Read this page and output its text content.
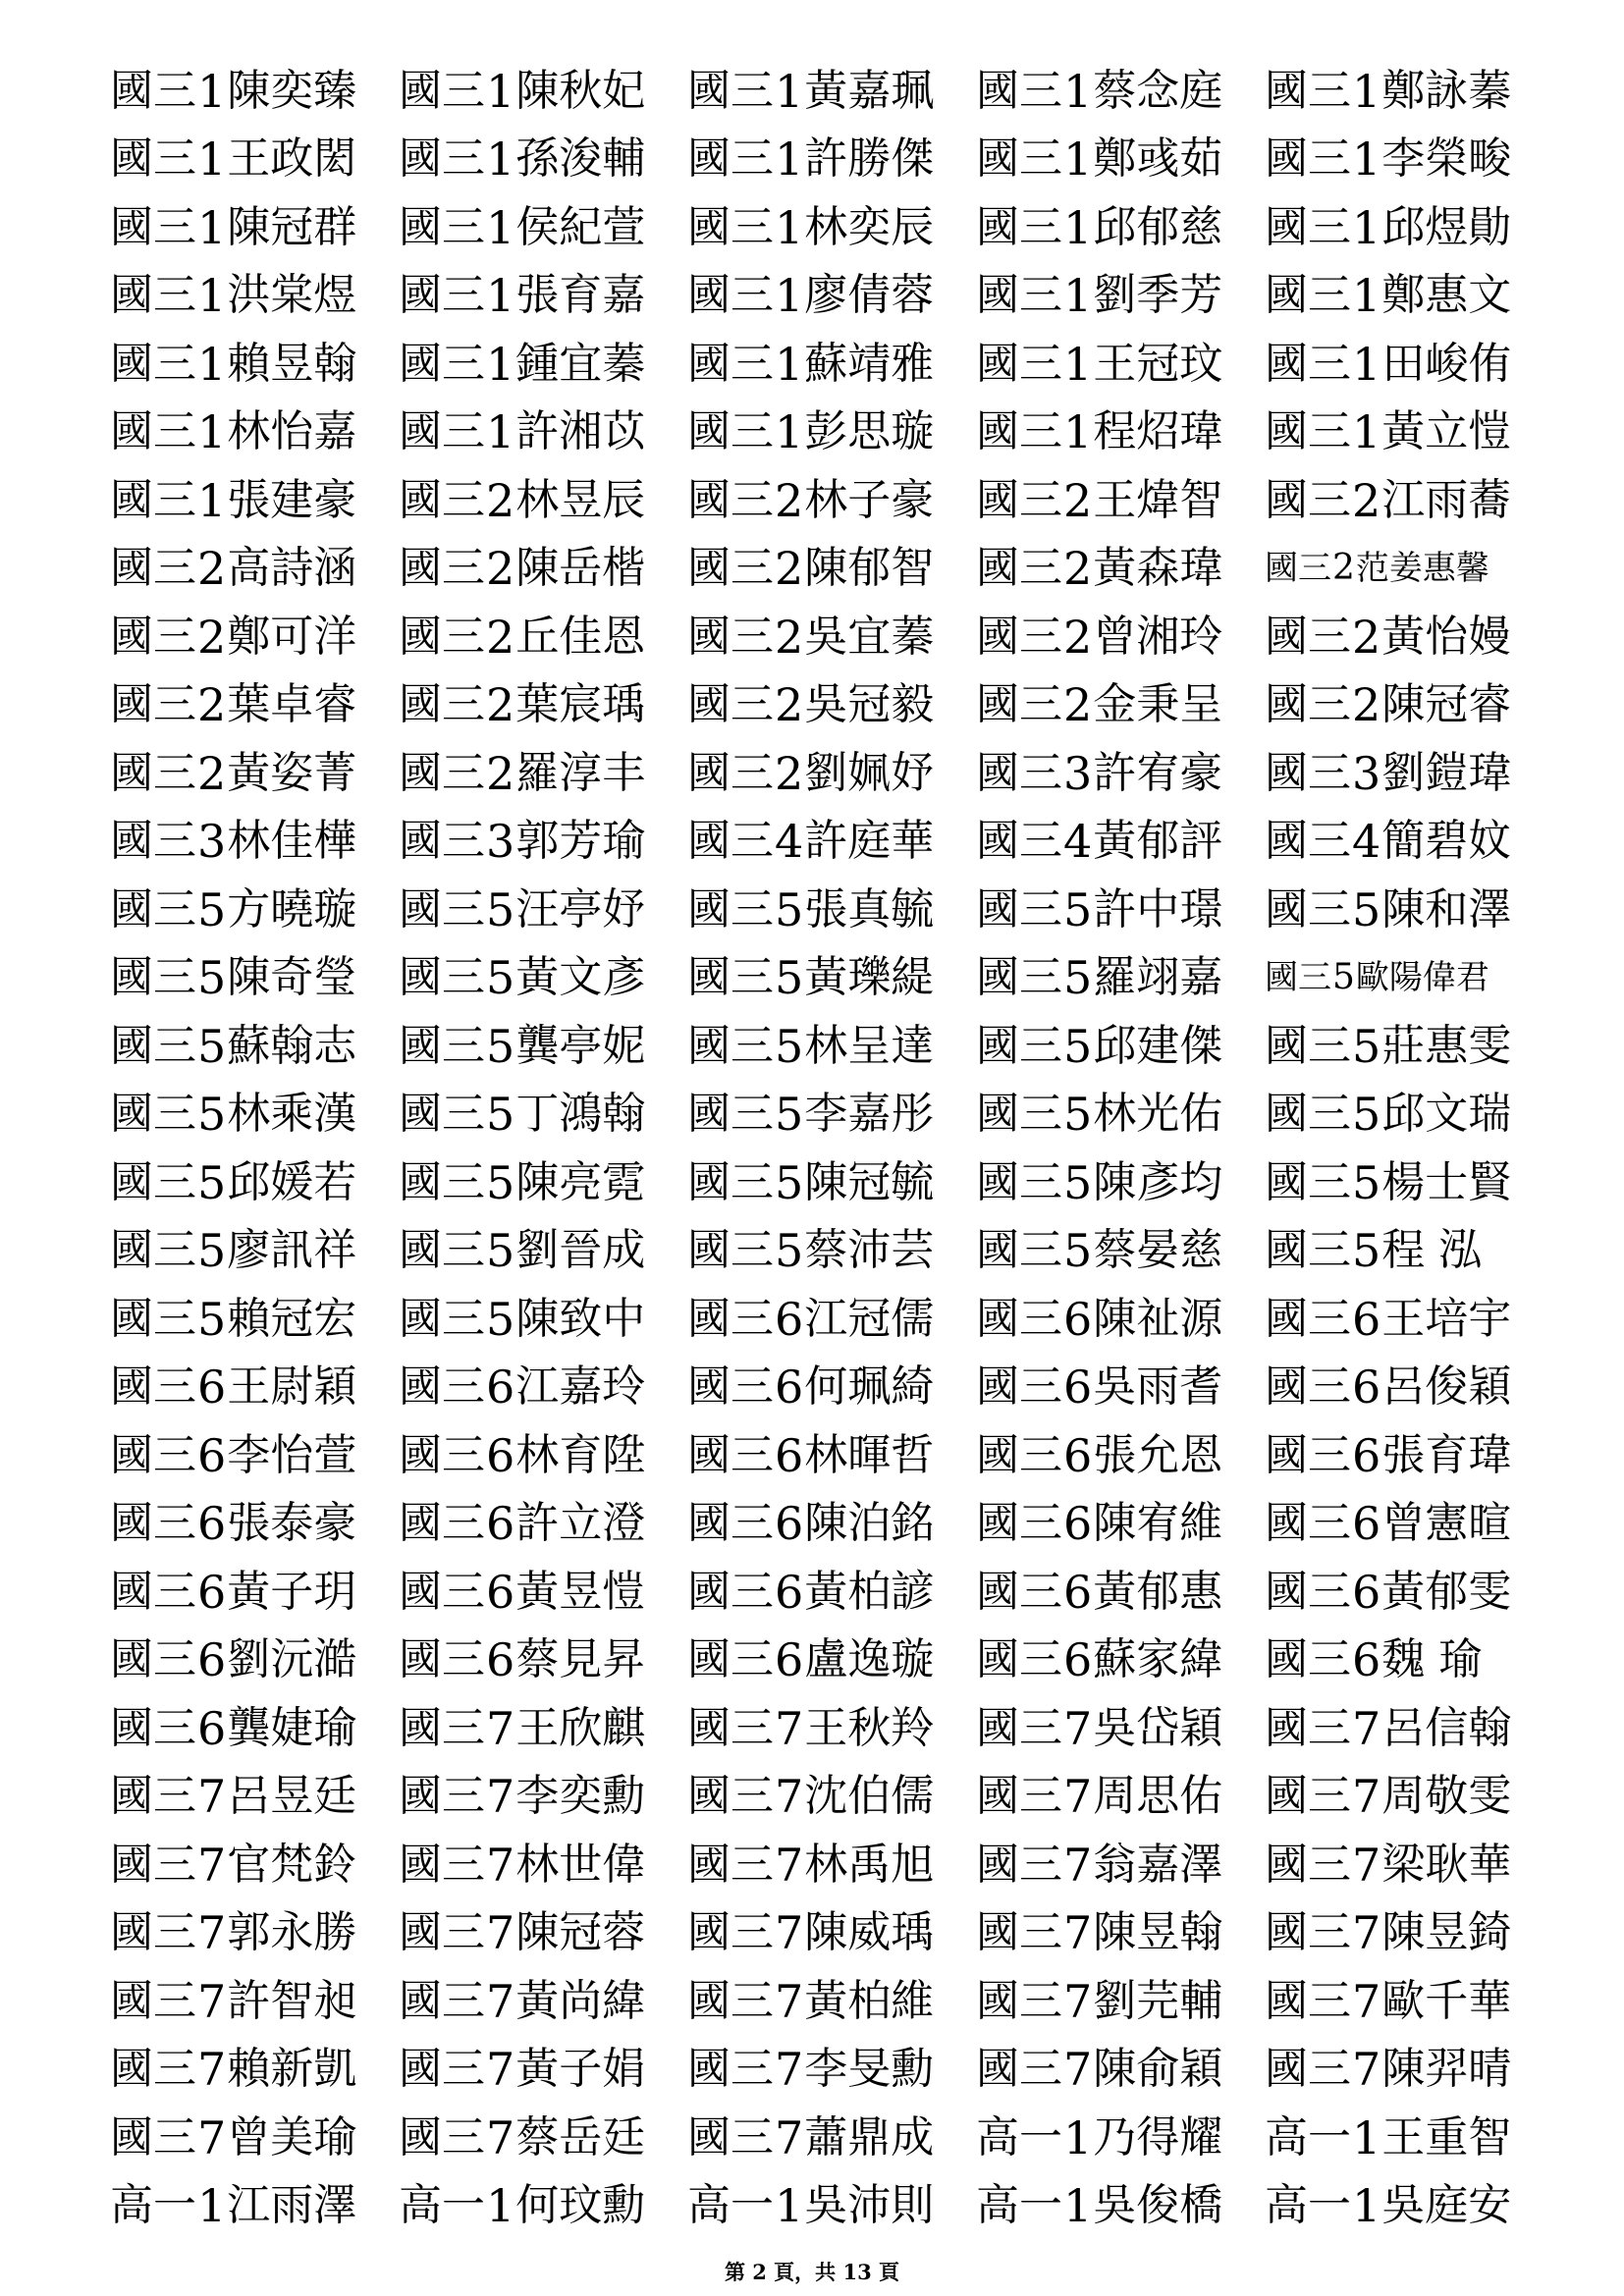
國三 1 陳奕臻 國三 1 陳秋妃 國三 1 黃嘉珮 國三 1 蔡念庭 國三 1 鄭詠蓁
國三 1 王政閎 國三 1 孫浚輔 國三 1 許勝傑 國三 1 鄭彧茹 國三 1 李榮畯
國三 1 陳冠群 國三 1 侯紀萱 國三 1 林奕辰 國三 1 邱郁慈 國三 1 邱煜勛
國三 1 洪棠煜 國三 1 張育嘉 國三 1 廖倩蓉 國三 1 劉季芳 國三 1 鄭惠文
國三 1 賴昱翰 國三 1 鍾宜蓁 國三 1 蘇靖雅 國三 1 王冠玟 國三 1 田峻侑
國三 1 林怡嘉 國三 1 許湘苡 國三 1 彭思璇 國三 1 程炤瑋 國三 1 黃立愷
國三 1 張建豪 國三 2 林昱辰 國三 2 林子豪 國三 2 王煒智 國三 2 江雨蕎
國三 2 高詩涵 國三 2 陳岳楷 國三 2 陳郁智 國三 2 黃森瑋 國三 2 范姜惠馨
國三 2 鄭可洋 國三 2 丘佳恩 國三 2 吳宜蓁 國三 2 曾湘玲 國三 2 黃怡嫚
國三 2 葉卓睿 國三 2 葉宸瑀 國三 2 吳冠毅 國三 2 金秉呈 國三 2 陳冠睿
國三 2 黃姿菁 國三 2 羅淳丰 國三 2 劉姵妤 國三 3 許宥豪 國三 3 劉鎧瑋
國三 3 林佳樺 國三 3 郭芳瑜 國三 4 許庭華 國三 4 黃郁評 國三 4 簡碧妏
國三 5 方曉璇 國三 5 汪亭妤 國三 5 張真毓 國三 5 許中璟 國三 5 陳和澤
國三 5 陳奇瑩 國三 5 黃文彥 國三 5 黃瓅緹 國三 5 羅翊嘉 國三 5 歐陽偉君
國三 5 蘇翰志 國三 5 龔亭妮 國三 5 林呈達 國三 5 邱建傑 國三 5 莊惠雯
國三 5 林乘漢 國三 5 丁鴻翰 國三 5 李嘉彤 國三 5 林光佑 國三 5 邱文瑞
國三 5 邱媛若 國三 5 陳亮霓 國三 5 陳冠毓 國三 5 陳彥均 國三 5 楊士賢
國三 5 廖訊祥 國三 5 劉晉成 國三 5 蔡沛芸 國三 5 蔡晏慈 國三 5 程 泓
國三 5 賴冠宏 國三 5 陳致中 國三 6 江冠儒 國三 6 陳祉源 國三 6 王培宇
國三 6 王尉穎 國三 6 江嘉玲 國三 6 何珮綺 國三 6 吳雨耆 國三 6 呂俊穎
國三 6 李怡萱 國三 6 林育陞 國三 6 林暉哲 國三 6 張允恩 國三 6 張育瑋
國三 6 張泰豪 國三 6 許立澄 國三 6 陳泊銘 國三 6 陳宥維 國三 6 曾憲暄
國三 6 黃子玥 國三 6 黃昱愷 國三 6 黃柏諺 國三 6 黃郁惠 國三 6 黃郁雯
國三 6 劉沅澔 國三 6 蔡見昇 國三 6 盧逸璇 國三 6 蘇家緯 國三 6 魏 瑜
國三 6 龔婕瑜 國三 7 王欣麒 國三 7 王秋羚 國三 7 吳岱穎 國三 7 呂信翰
國三 7 呂昱廷 國三 7 李奕勳 國三 7 沈伯儒 國三 7 周思佑 國三 7 周敬雯
國三 7 官梵鈴 國三 7 林世偉 國三 7 林禹旭 國三 7 翁嘉澤 國三 7 梁耿華
國三 7 郭永勝 國三 7 陳冠蓉 國三 7 陳威瑀 國三 7 陳昱翰 國三 7 陳昱錡
國三 7 許智昶 國三 7 黃尚緯 國三 7 黃柏維 國三 7 劉芫輔 國三 7 歐千華
國三 7 賴新凱 國三 7 黃子娟 國三 7 李旻勳 國三 7 陳俞穎 國三 7 陳羿晴
國三 7 曾美瑜 國三 7 蔡岳廷 國三 7 蕭鼎成 高一 1 乃得耀 高一 1 王重智
高一 1 江雨澤 高一 1 何玟勳 高一 1 吳沛則 高一 1 吳俊橋 高一 1 吳庭安
第 2 頁，共 13 頁
